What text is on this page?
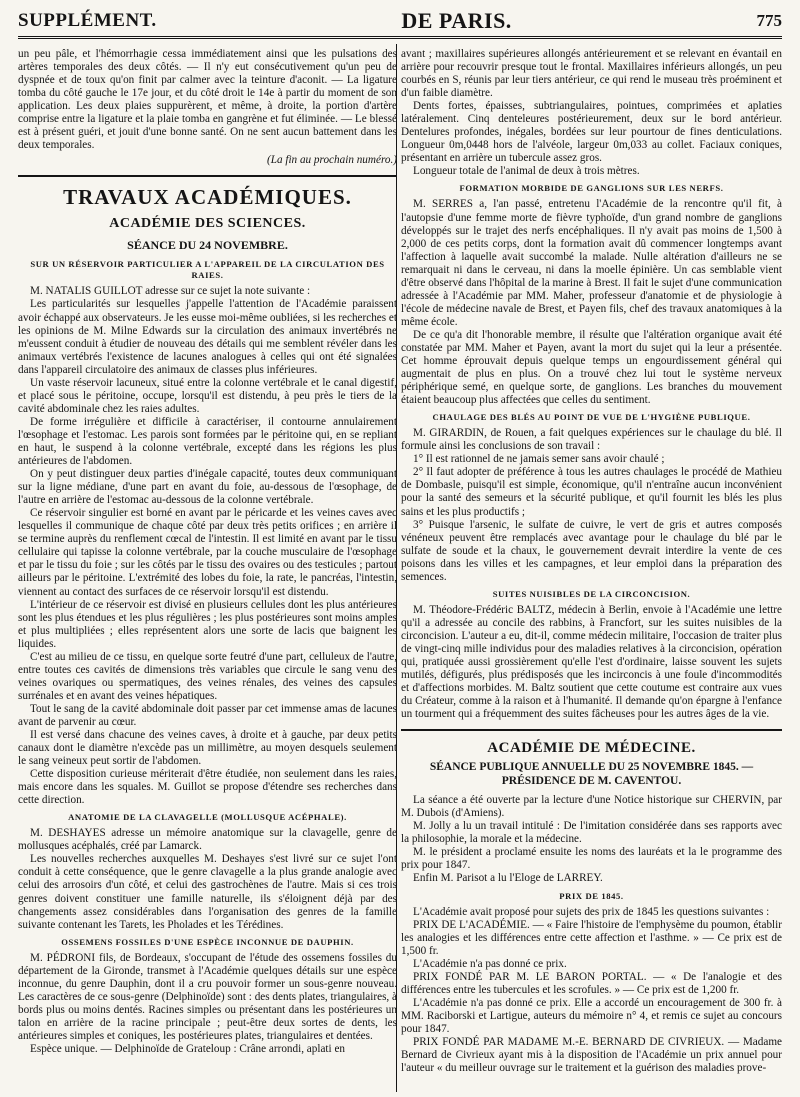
SUPPLÉMENT.	DE PARIS.	775

un peu pâle, et l'hémorrhagie cessa immédiatement ainsi que les pulsations des artères temporales des deux côtés. — Il n'y eut consécutivement qu'un peu de dyspnée et de toux qu'on finit par calmer avec la teinture d'aconit. — La ligature tomba du côté gauche le 17e jour, et du côté droit le 14e à partir du moment de son application. Les deux plaies suppurèrent, et même, à droite, la portion d'artère comprise entre la ligature et la plaie tomba en gangrène et fut éliminée. — Le blessé est à présent guéri, et jouit d'une bonne santé. On ne sent aucun battement dans les deux temporales.

(La fin au prochain numéro.)

TRAVAUX ACADÉMIQUES.
ACADÉMIE DES SCIENCES.
SÉANCE DU 24 NOVEMBRE.
SUR UN RÉSERVOIR PARTICULIER A L'APPAREIL DE LA CIRCULATION DES RAIES.

M. NATALIS GUILLOT adresse sur ce sujet la note suivante :

Les particularités sur lesquelles j'appelle l'attention de l'Académie paraissent avoir échappé aux observateurs. Je les eusse moi-même oubliées, si les recherches et les opinions de M. Milne Edwards sur la circulation des animaux invertébrés ne m'eussent conduit à étudier de nouveau des détails qui me semblent révéler dans les animaux vertébrés l'existence de lacunes analogues à celles qui ont été signalées dans l'appareil circulatoire des animaux de classes plus inférieures.

Un vaste réservoir lacuneux, situé entre la colonne vertébrale et le canal digestif, et placé sous le péritoine, occupe, lorsqu'il est distendu, à peu près le tiers de la cavité abdominale chez les raies adultes.

De forme irrégulière et difficile à caractériser, il contourne annulairement l'œsophage et l'estomac. Les parois sont formées par le péritoine qui, en se repliant en haut, le suspend à la colonne vertébrale, excepté dans les régions les plus antérieures de l'abdomen.

On y peut distinguer deux parties d'inégale capacité, toutes deux communiquant sur la ligne médiane, d'une part en avant du foie, au-dessous de l'œsophage, de l'autre en arrière de l'estomac au-dessous de la colonne vertébrale.

Ce réservoir singulier est borné en avant par le péricarde et les veines caves avec lesquelles il communique de chaque côté par deux très petits orifices ; en arrière il se termine auprès du renflement cœcal de l'intestin. Il est limité en avant par le tissu cellulaire qui tapisse la colonne vertébrale, par la couche musculaire de l'œsophage et par le tissu du foie ; sur les côtés par le tissu des ovaires ou des testicules ; partout ailleurs par le péritoine. L'extrémité des lobes du foie, la rate, le pancréas, l'intestin, viennent au contact des surfaces de ce réservoir lorsqu'il est distendu.

L'intérieur de ce réservoir est divisé en plusieurs cellules dont les plus antérieures sont les plus étendues et les plus régulières ; les plus postérieures sont moins amples et plus multipliées ; elles représentent alors une sorte de lacis que baignent les liquides.

C'est au milieu de ce tissu, en quelque sorte feutré d'une part, celluleux de l'autre, entre toutes ces cavités de dimensions très variables que circule le sang venu des veines ovariques ou spermatiques, des veines rénales, des veines des capsules surrénales et en avant des veines hépatiques.

Tout le sang de la cavité abdominale doit passer par cet immense amas de lacunes avant de parvenir au cœur.

Il est versé dans chacune des veines caves, à droite et à gauche, par deux petits canaux dont le diamètre n'excède pas un millimètre, au moyen desquels seulement le sang veineux peut sortir de l'abdomen.

Cette disposition curieuse mériterait d'être étudiée, non seulement dans les raies, mais encore dans les squales. M. Guillot se propose d'étendre ses recherches dans cette direction.

ANATOMIE DE LA CLAVAGELLE (MOLLUSQUE ACÉPHALE).

M. DESHAYES adresse un mémoire anatomique sur la clavagelle, genre de mollusques acéphalés, créé par Lamarck.

Les nouvelles recherches auxquelles M. Deshayes s'est livré sur ce sujet l'ont conduit à cette conséquence, que le genre clavagelle a la plus grande analogie avec celui des arrosoirs d'un côté, et celui des gastrochènes de l'autre. Mais si ces trois genres doivent constituer une famille naturelle, ils s'éloignent déjà par des changements assez considérables dans l'organisation des genres de la famille suivante contenant les Tarets, les Pholades et les Térédines.

OSSEMENS FOSSILES D'UNE ESPÈCE INCONNUE DE DAUPHIN.

M. PÉDRONI fils, de Bordeaux, s'occupant de l'étude des ossemens fossiles du département de la Gironde, transmet à l'Académie quelques détails sur une espèce inconnue, du genre Dauphin, dont il a cru pouvoir former un sous-genre nouveau. Les caractères de ce sous-genre (Delphinoïde) sont : des dents plates, triangulaires, à bords plus ou moins dentés. Racines simples ou présentant dans les postérieures un talon en arrière de la racine principale ; peut-être deux sortes de dents, les antérieures simples et coniques, les postérieures plates, triangulaires et dentées.

Espèce unique. — Delphinoïde de Grateloup : Crâne arrondi, aplati en

avant ; maxillaires supérieures allongés antérieurement et se relevant en évantail en arrière pour recouvrir presque tout le frontal. Maxillaires inférieurs allongés, un peu courbés en S, réunis par leur tiers antérieur, ce qui rend le museau très proéminent et d'un faible diamètre.

Dents fortes, épaisses, subtriangulaires, pointues, comprimées et aplaties latéralement. Cinq denteleures postérieurement, deux sur le bord antérieur. Dentelures profondes, inégales, bordées sur leur pourtour de fines denticulations. Longueur 0m,0448 hors de l'alvéole, largeur 0m,033 au collet. Faciaux coniques, présentant en arrière un tubercule assez gros.

Longueur totale de l'animal de deux à trois mètres.

FORMATION MORBIDE DE GANGLIONS SUR LES NERFS.

M. SERRES a, l'an passé, entretenu l'Académie de la rencontre qu'il fit, à l'autopsie d'une femme morte de fièvre typhoïde, d'un grand nombre de ganglions développés sur le trajet des nerfs encéphaliques. Il n'y avait pas moins de 1,500 à 2,000 de ces petits corps, dont la formation avait dû commencer longtemps avant l'affection à laquelle avait succombé la malade. Nulle altération d'ailleurs ne se remarquait ni dans le cerveau, ni dans la moelle épinière. Un cas semblable vient d'être observé dans l'hôpital de la marine à Brest. Il fait le sujet d'une communication adressée à l'Académie par MM. Maher, professeur d'anatomie et de physiologie à l'école de médecine navale de Brest, et Payen fils, chef des travaux anatomiques à la même école.

De ce qu'a dit l'honorable membre, il résulte que l'altération organique avait été constatée par MM. Maher et Payen, avant la mort du sujet qui la leur a présentée. Cet homme éprouvait depuis quelque temps un engourdissement général qui augmentait de plus en plus. On a trouvé chez lui tout le système nerveux périphérique semé, en quelque sorte, de ganglions. Les branches du mouvement étaient beaucoup plus affectées que celles du sentiment.

CHAULAGE DES BLÉS AU POINT DE VUE DE L'HYGIÈNE PUBLIQUE.

M. GIRARDIN, de Rouen, a fait quelques expériences sur le chaulage du blé. Il formule ainsi les conclusions de son travail :

1° Il est rationnel de ne jamais semer sans avoir chaulé ;

2° Il faut adopter de préférence à tous les autres chaulages le procédé de Mathieu de Dombasle, puisqu'il est simple, économique, qu'il n'entraîne aucun inconvénient pour la santé des semeurs et la sécurité publique, et qu'il fournit les blés les plus sains et les plus productifs ;

3° Puisque l'arsenic, le sulfate de cuivre, le vert de gris et autres composés vénéneux peuvent être remplacés avec avantage pour le chaulage du blé par le sulfate de soude et la chaux, le gouvernement devrait interdire la vente de ces poisons dans les villes et les campagnes, et leur emploi dans la préparation des semences.

SUITES NUISIBLES DE LA CIRCONCISION.

M. Théodore-Frédéric BALTZ, médecin à Berlin, envoie à l'Académie une lettre qu'il a adressée au concile des rabbins, à Francfort, sur les suites nuisibles de la circoncision. L'auteur a eu, dit-il, comme médecin militaire, l'occasion de traiter plus de vingt-cinq mille individus pour des maladies relatives à la circoncision, opération qui, pratiquée aussi grossièrement qu'elle l'est d'ordinaire, laisse souvent les sujets mutilés, défigurés, plus prédisposés que les incirconcis à une foule d'incommodités et d'affections morbides. M. Baltz soutient que cette coutume est contraire aux vues du Créateur, comme à la raison et à l'humanité. Il demande qu'on épargne à l'enfance un tourment qui a fréquemment des suites fâcheuses pour les autres âges de la vie.

ACADÉMIE DE MÉDECINE.
SÉANCE PUBLIQUE ANNUELLE DU 25 NOVEMBRE 1845. — PRÉSIDENCE DE M. CAVENTOU.

La séance a été ouverte par la lecture d'une Notice historique sur CHERVIN, par M. Dubois (d'Amiens).

M. Jolly a lu un travail intitulé : De l'imitation considérée dans ses rapports avec la philosophie, la morale et la médecine.

M. le président a proclamé ensuite les noms des lauréats et la le programme des prix pour 1847.

Enfin M. Parisot a lu l'Eloge de LARREY.

PRIX DE 1845.

L'Académie avait proposé pour sujets des prix de 1845 les questions suivantes :

PRIX DE L'ACADÉMIE. — « Faire l'histoire de l'emphysème du poumon, établir les analogies et les différences entre cette affection et l'asthme. » — Ce prix est de 1,500 fr.

L'Académie n'a pas donné ce prix.

PRIX FONDÉ PAR M. LE BARON PORTAL. — « De l'analogie et des différences entre les tubercules et les scrofules. » — Ce prix est de 1,200 fr.

L'Académie n'a pas donné ce prix. Elle a accordé un encouragement de 300 fr. à MM. Raciborski et Lartigue, auteurs du mémoire n° 4, et remis ce sujet au concours pour 1847.

PRIX FONDÉ PAR MADAME M.-E. BERNARD DE CIVRIEUX. — Madame Bernard de Civrieux ayant mis à la disposition de l'Académie un prix annuel pour l'auteur « du meilleur ouvrage sur le traitement et la guérison des maladies prove-
